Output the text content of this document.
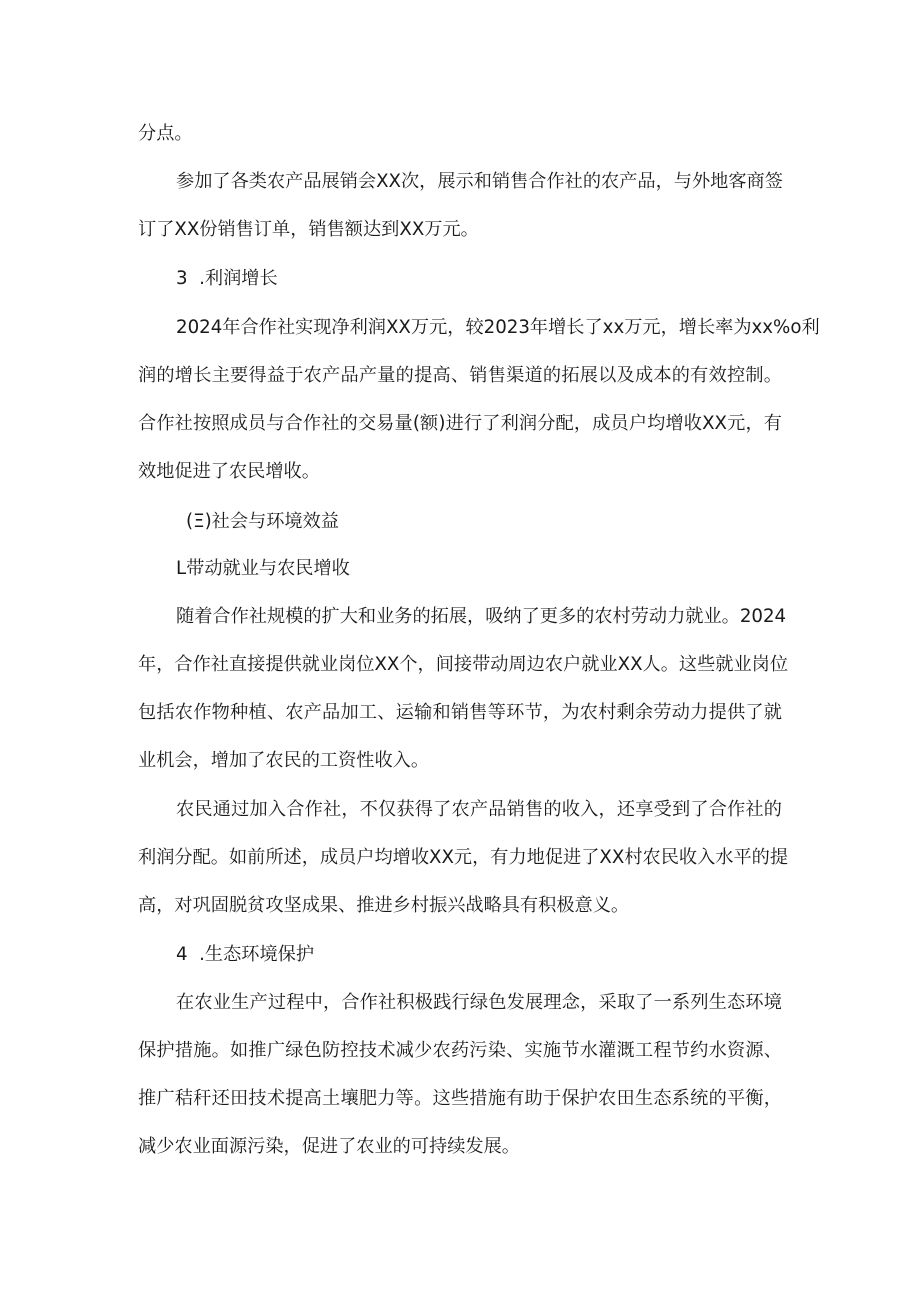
分点。
参加了各类农产品展销会XX次，展示和销售合作社的农产品，与外地客商签
订了XX份销售订单，销售额达到XX万元。
3  .利润增长
2024年合作社实现净利润XX万元，较2023年增长了xx万元，增长率为xx%o利
润的增长主要得益于农产品产量的提高、销售渠道的拓展以及成本的有效控制。
合作社按照成员与合作社的交易量(额)进行了利润分配，成员户均增收XX元，有
效地促进了农民增收。
(Ξ)社会与环境效益
L带动就业与农民增收
随着合作社规模的扩大和业务的拓展，吸纳了更多的农村劳动力就业。2024
年，合作社直接提供就业岗位XX个，间接带动周边农户就业XX人。这些就业岗位
包括农作物种植、农产品加工、运输和销售等环节，为农村剩余劳动力提供了就
业机会，增加了农民的工资性收入。
农民通过加入合作社，不仅获得了农产品销售的收入，还享受到了合作社的
利润分配。如前所述，成员户均增收XX元，有力地促进了XX村农民收入水平的提
高，对巩固脱贫攻坚成果、推进乡村振兴战略具有积极意义。
4  .生态环境保护
在农业生产过程中，合作社积极践行绿色发展理念，采取了一系列生态环境
保护措施。如推广绿色防控技术减少农药污染、实施节水灌溉工程节约水资源、
推广秸秆还田技术提高土壤肥力等。这些措施有助于保护农田生态系统的平衡，
减少农业面源污染，促进了农业的可持续发展。
